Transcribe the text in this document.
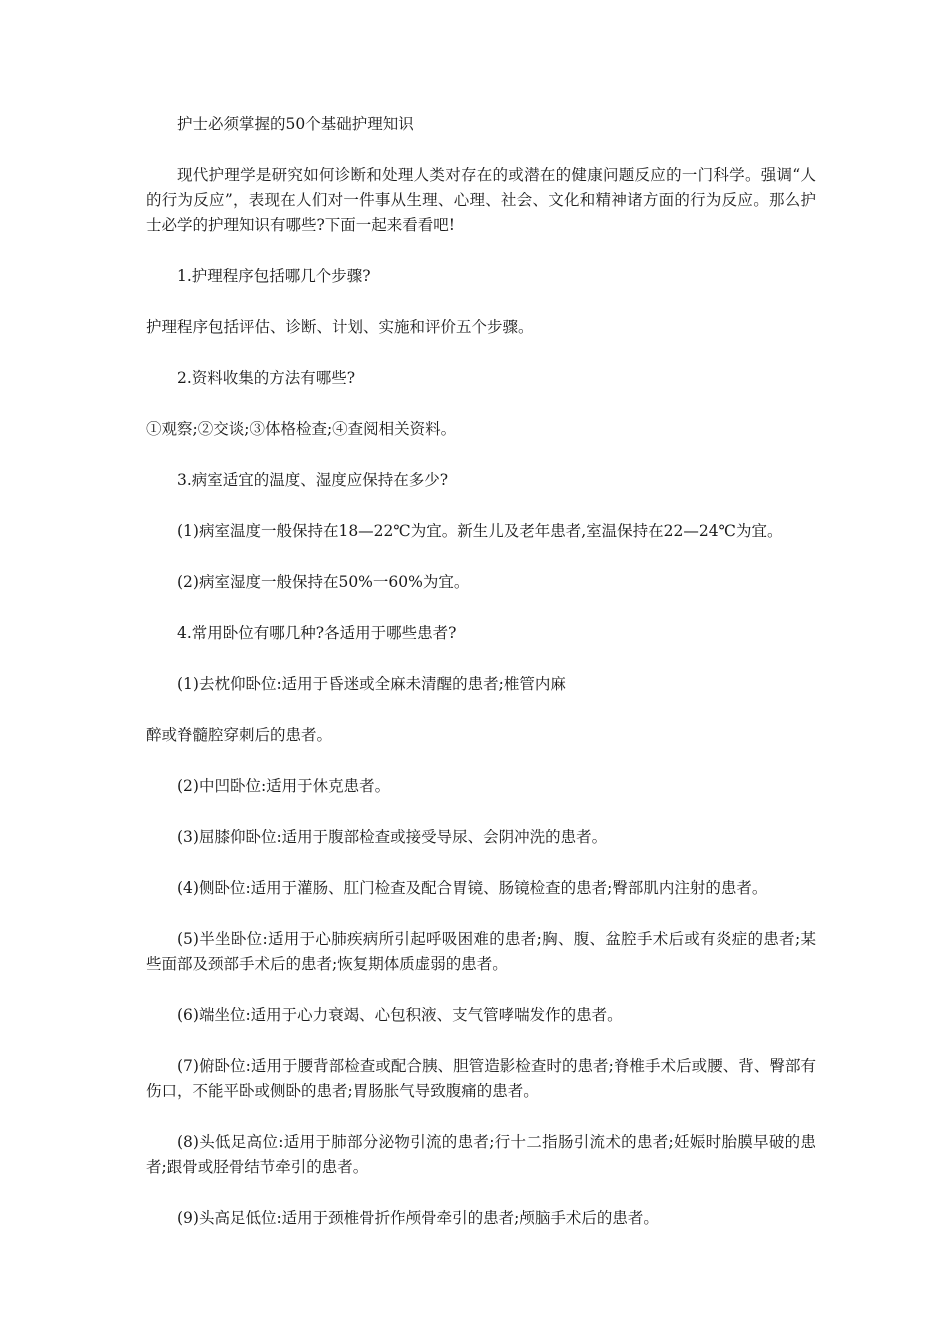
护士必须掌握的50个基础护理知识

现代护理学是研究如何诊断和处理人类对存在的或潜在的健康问题反应的一门科学。强调“人的行为反应”，表现在人们对一件事从生理、心理、社会、文化和精神诸方面的行为反应。那么护士必学的护理知识有哪些?下面一起来看看吧!

1.护理程序包括哪几个步骤?

护理程序包括评估、诊断、计划、实施和评价五个步骤。

2.资料收集的方法有哪些?

①观察;②交谈;③体格检查;④查阅相关资料。

3.病室适宜的温度、湿度应保持在多少?

(1)病室温度一般保持在18—22℃为宜。新生儿及老年患者,室温保持在22—24℃为宜。

(2)病室湿度一般保持在50%一60%为宜。

4.常用卧位有哪几种?各适用于哪些患者?

(1)去枕仰卧位:适用于昏迷或全麻未清醒的患者;椎管内麻

醉或脊髓腔穿刺后的患者。

(2)中凹卧位:适用于休克患者。

(3)屈膝仰卧位:适用于腹部检查或接受导尿、会阴冲洗的患者。

(4)侧卧位:适用于灌肠、肛门检查及配合胃镜、肠镜检查的患者;臀部肌内注射的患者。

(5)半坐卧位:适用于心肺疾病所引起呼吸困难的患者;胸、腹、盆腔手术后或有炎症的患者;某些面部及颈部手术后的患者;恢复期体质虚弱的患者。

(6)端坐位:适用于心力衰竭、心包积液、支气管哮喘发作的患者。

(7)俯卧位:适用于腰背部检查或配合胰、胆管造影检查时的患者;脊椎手术后或腰、背、臀部有伤口，不能平卧或侧卧的患者;胃肠胀气导致腹痛的患者。

(8)头低足高位:适用于肺部分泌物引流的患者;行十二指肠引流术的患者;妊娠时胎膜早破的患者;跟骨或胫骨结节牵引的患者。

(9)头高足低位:适用于颈椎骨折作颅骨牵引的患者;颅脑手术后的患者。
